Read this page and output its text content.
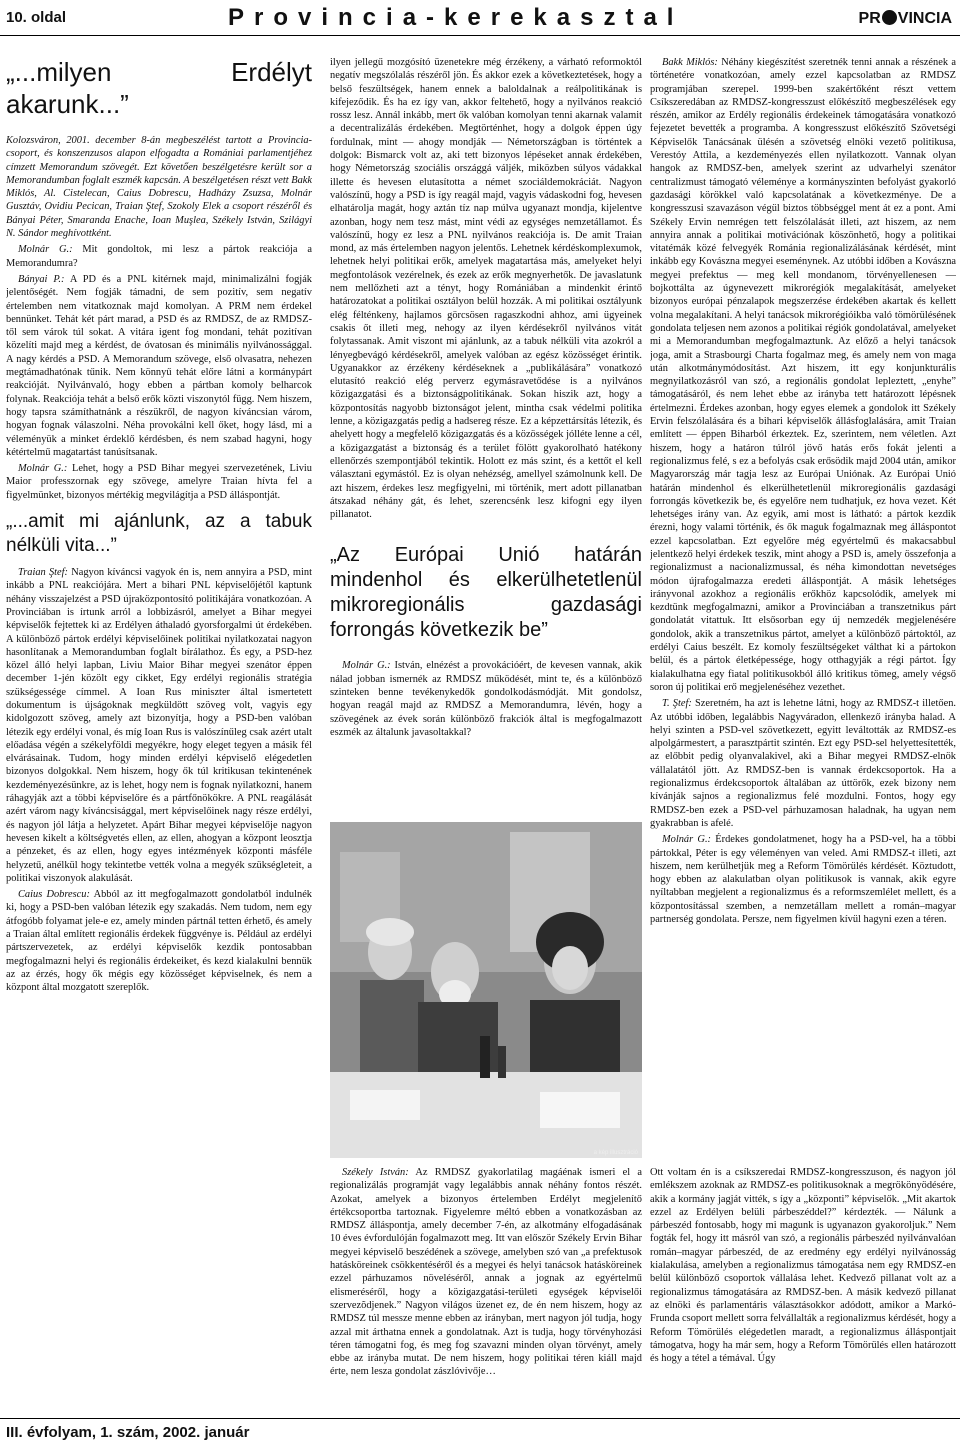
10. oldal	Provincia-kerekasztal	PR VINCIA
„...milyen Erdélyt akarunk...”

Kolozsváron, 2001. december 8-án megbeszélést tartott a Provincia-csoport, és konszenzusos alapon elfogadta a Romániai parlamentjéhez címzett Memorandum szövegét. Ezt követően beszélgetésre került sor a Memorandumban foglalt eszmék kapcsán. A beszélgetésen részt vett Bakk Miklós, Al. Cistelecan, Caius Dobrescu, Hadházy Zsuzsa, Molnár Gusztáv, Ovidiu Pecican, Traian Ştef, Szokoly Elek a csoport részéről és Bányai Péter, Smaranda Enache, Ioan Muşlea, Székely István, Szilágyi N. Sándor meghívottként.

Molnár G.: Mit gondoltok, mi lesz a pártok reakciója a Memorandumra?

Bányai P.: A PD és a PNL kitérnek majd, minimalizálni fogják jelentőségét. Nem fogják támadni, de sem pozitív, sem negatív értelemben nem vitatkoznak majd komolyan. A PRM nem érdekel bennünket. Tehát két párt marad, a PSD és az RMDSZ, de az RMDSZ-től sem várok túl sokat. A vitára igent fog mondani, tehát pozitívan közelíti majd meg a kérdést, de óvatosan és minimális nyilvánossággal. A nagy kérdés a PSD. A Memorandum szövege, első olvasatra, nehezen megtámadhatónak tűnik. Nem könnyű tehát előre látni a kormánypárt reakcióját. Nyilvánvaló, hogy ebben a pártban komoly belharcok folynak. Reakciója tehát a belső erők közti viszonytól függ. Nem hiszem, hogy tapsra számíthatnánk a részükről, de nagyon kíváncsian várom, hogyan fognak válaszolni. Néha provokálni kell őket, hogy lásd, mi a véleményük a minket érdeklő kérdésben, és nem szabad hagyni, hogy kétértelmű magatartást tanúsítsanak.

Molnár G.: Lehet, hogy a PSD Bihar megyei szervezetének, Liviu Maior professzornak egy szövege, amelyre Traian hívta fel a figyelmünket, bizonyos mértékig megvilágítja a PSD álláspontját.

„...amit mi ajánlunk, az a tabuk nélküli vita...”

Traian Ştef: Nagyon kíváncsi vagyok én is, nem annyira a PSD, mint inkább a PNL reakciójára. Mert a bihari PNL képviselőjétől kaptunk néhány visszajelzést a PSD újraközpontosító politikájára vonatkozóan. A Provinciában is írtunk arról a lobbizásról, amelyet a Bihar megyei képviselők fejtettek ki az Erdélyen áthaladó gyorsforgalmi út érdekében. A különböző pártok erdélyi képviselőinek politikai nyilatkozatai nagyon hasonlítanak a Memorandumban foglalt bírálathoz. És egy, a PSD-hez közel álló helyi lapban, Liviu Maior Bihar megyei szenátor éppen december 1-jén közölt egy cikket, Egy erdélyi regionális stratégia szükségessége címmel. A Ioan Rus miniszter által ismertetett dokumentum is újságoknak megküldött szöveg volt, vagyis egy kidolgozott szöveg, amely azt bizonyítja, hogy a PSD-ben valóban létezik egy erdélyi vonal, és míg Ioan Rus is valószínűleg csak azért utalt előadása végén a székelyföldi megyékre, hogy eleget tegyen a másik fél elvárásainak. Tudom, hogy minden erdélyi képviselő elégedetlen bizonyos dolgokkal. Nem hiszem, hogy ők túl kritikusan tekintenének kezdeményezésünkre, az is lehet, hogy nem is fognak nyilatkozni, hanem ráhagyják azt a többi képviselőre és a pártfőnökökre. A PNL reagálását azért várom nagy kíváncsisággal, mert képviselőinek nagy része erdélyi, és nagyon jól látja a helyzetet. Apárt Bihar megyei képviselője nagyon hevesen kikelt a költségvetés ellen, az ellen, ahogyan a központ leosztja a pénzeket, és az ellen, hogy egyes intézmények központi másféle helyzetű, anélkül hogy tekintetbe vették volna a megyék szükségleteit, a politikai viszonyok alakulását.

Caius Dobrescu: Abból az itt megfogalmazott gondolatból indulnék ki, hogy a PSD-ben valóban létezik egy szakadás. Nem tudom, nem egy átfogóbb folyamat jele-e ez, amely minden pártnál tetten érhető, és amely a Traian által említett regionális érdekek függvénye is. Például az erdélyi pártszervezetek, az erdélyi képviselők kezdik pontosabban megfogalmazni helyi és regionális érdekeiket, és kezd kialakulni bennük az az érzés, hogy ők mégis egy közösséget képviselnek, és nem a központ által mozgatott szereplők.

ilyen jellegű mozgósító üzenetekre még érzékeny, a várható reformoktól negatív megszólalás részéről jön. És akkor ezek a következtetések, hogy a belső feszültségek, hanem ennek a baloldalnak a reálpolitikának is kifejeződik. És ha ez így van, akkor feltehető, hogy a nyilvános reakció rossz lesz. Annál inkább, mert ők valóban komolyan tenni akarnak valamit a decentralizálás érdekében. Megtörténhet, hogy a dolgok éppen úgy fordulnak, mint — ahogy mondják — Németországban is történtek a dolgok: Bismarck volt az, aki tett bizonyos lépéseket annak érdekében, hogy Németország szociális országgá váljék, miközben súlyos vádakkal illette és hevesen elutasította a német szociáldemokráciát. Nagyon valószínű, hogy a PSD is így reagál majd, vagyis vádaskodni fog, hevesen elhatárolja magát, hogy aztán tíz nap múlva ugyanazt mondja, kijelentve azonban, hogy nem tesz mást, mint védi az egységes nemzetállamot. És valószínű, hogy ez lesz a PNL nyilvános reakciója is. De amit Traian mond, az más értelemben nagyon jelentős. Lehetnek kérdéskomplexumok, lehetnek helyi politikai erők, amelyek magatartása más, amelyeket helyi megfontolások vezérelnek, és ezek az erők megnyerhetők. De javaslatunk nem mellőzheti azt a tényt, hogy Romániában a mindenkit érintő határozatokat a politikai osztályon belül hozzák. A mi politikai osztályunk elég félténkeny, hajlamos görcsösen ragaszkodni ahhoz, ami ügyeinek csakis őt illeti meg, nehogy az ilyen kérdésekről nyilvános vitát folytassanak. Amit viszont mi ajánlunk, az a tabuk nélküli vita azokról a lényegbevágó kérdésekről, amelyek valóban az egész közösséget érintik. Ugyanakkor az érzékeny kérdéseknek a „publikálására” vonatkozó elutasító reakció elég perverz egymásravetődése is a nyilvános közigazgatási és a biztonságpolitikának. Sokan hiszik azt, hogy a központosítás nagyobb biztonságot jelent, mintha csak védelmi politika lenne, a közigazgatás pedig a hadsereg része. Ez a képzettársítás létezik, és ahelyett hogy a megfelelő közigazgatás és a közösségek jólléte lenne a cél, a közigazgatást a biztonság és a terület fölött gyakorolható hatékony ellenőrzés szempontjából tekintik. Holott ez más szint, és a kettőt el kell választani egymástól. Ez is olyan nehézség, amellyel számolnunk kell. De azt hiszem, érdekes lesz megfigyelni, mi történik, mert adott pillanatban átszakad néhány gát, és lehet, szerencsénk lesz kifogni egy ilyen pillanatot.

„Az Európai Unió határán mindenhol és elkerülhetetlenül mikroregionális gazdasági forrongás következik be”

Molnár G.: István, elnézést a provokációért, de kevesen vannak, akik nálad jobban ismernék az RMDSZ működését, mint te, és a különböző szinteken benne tevékenykedők gondolkodásmódját. Mit gondolsz, hogyan reagál majd az RMDSZ a Memorandumra, lévén, hogy a szövegének az évek során különböző frakciók által is megfogalmazott eszmék az általunk javasoltakkal?

a kép illusztráció

Székely István: Az RMDSZ gyakorlatilag magáénak ismeri el a regionalizálás programját vagy legalábbis annak néhány fontos részét. Azokat, amelyek a bizonyos értelemben Erdélyt megjelenítő értékcsoportba tartoznak. Figyelemre méltó ebben a vonatkozásban az RMDSZ álláspontja, amely december 7-én, az alkotmány elfogadásának 10 éves évfordulóján fogalmazott meg. Itt van először Székely Ervin Bihar megyei képviselő beszédének a szövege, amelyben szó van „a prefektusok hatásköreinek csökkentéséről és a megyei és helyi tanácsok hatásköreinek ezzel párhuzamos növeléséről, annak a jognak az egyértelmű elismeréséről, hogy a közigazgatási-területi egységek képviselői szervezõdjenek.” Nagyon világos üzenet ez, de én nem hiszem, hogy az RMDSZ túl messze menne ebben az irányban, mert nagyon jól tudja, hogy azzal mit árthatna ennek a gondolatnak. Azt is tudja, hogy törvényhozási téren támogatni fog, és meg fog szavazni minden olyan törvényt, amely ebbe az irányba mutat. De nem hiszem, hogy politikai téren kiáll majd érte, nem lesza gondolat zászlóvivője…

Bakk Miklós: Néhány kiegészítést szeretnék tenni annak a részének a történetére vonatkozóan, amely ezzel kapcsolatban az RMDSZ programjában szerepel. 1999-ben szakértőként részt vettem Csíkszeredában az RMDSZ-kongresszust előkészítő megbeszélések egy részén, amikor az Erdély regionális érdekeinek támogatására vonatkozó fejezetet bevették a programba. A kongresszust előkészítő Szövetségi Képviselők Tanácsának ülésén a szövetség elnöki vezető politikusa, Verestóy Attila, a kezdeményezés ellen nyilatkozott. Vannak olyan hangok az RMDSZ-ben, amelyek szerint az udvarhelyi szenátor centralizmust támogató véleménye a kormányszinten befolyást gyakorló gazdasági körökkel való kapcsolatának a következménye. De a kongresszusi szavazáson végül biztos többséggel ment át ez a pont. Ami Székely Ervin nemrégen tett felszólalását illeti, azt hiszem, az nem annyira annak a politikai motivációnak köszönhető, hogy a politikai vitatémák közé felvegyék Románia regionalizálásának kérdését, mint inkább egy Kovászna megyei eseménynek. Az utóbbi időben a Kovászna megyei prefektus — meg kell mondanom, törvényellenesen — bojkottálta az úgynevezett mikrorégiók megalakítását, amelyeket bizonyos európai pénzalapok megszerzése érdekében akartak és kellett volna megalakítani. A helyi tanácsok mikrorégióikba való tömörülésének gondolata teljesen nem azonos a politikai régiók gondolatával, amelyeket mi a Memorandumban megfogalmaztunk. Az előző a helyi tanácsok joga, amit a Strasbourgi Charta fogalmaz meg, és amely nem von maga után alkotmánymódosítást. Azt hiszem, itt egy konjunkturális megnyilatkozásról van szó, a regionális gondolat lepleztett, „enyhe” támogatásáról, és nem lehet ebbe az irányba tett határozott lépésnek értelmezni. Érdekes azonban, hogy egyes elemek a gondolok itt Székely Ervin felszólalására és a bihari képviselők állásfoglalására, amit Traian említett — éppen Biharból érkeztek. Ez, szerintem, nem véletlen. Azt hiszem, hogy a határon túlról jövő hatás erős fokát jelenti a regionalizmus felé, s ez a befolyás csak erősödik majd 2004 után, amikor Magyarország már tagja lesz az Európai Uniónak. Az Európai Unió határán mindenhol és elkerülhetetlenül mikroregionális gazdasági forrongás következik be, és egyelőre nem tudhatjuk, ez hova vezet. Két lehetséges irány van. Az egyik, ami most is látható: a pártok kezdik érezni, hogy valami történik, és ők maguk fogalmaznak meg álláspontot ezzel kapcsolatban. Ezt egyelőre még egyértelmű és makacsabbul jelentkező helyi érdekek teszik, mint ahogy a PSD is, amely összefonja a regionalizmust a nacionalizmussal, és néha kimondottan nevetséges módon újrafogalmazza eredeti álláspontját. A másik lehetséges irányvonal azokhoz a regionális erőkhöz kapcsolódik, amelyek mi kezdtünk megfogalmazni, amikor a Provinciában a transzetnikus párt gondolatát vitattuk. Itt elsősorban egy új nemzedék megjelenésére gondolok, akik a transzetnikus pártot, amelyet a különböző pártoktól, az erdélyi Caius beszélt. Ez komoly feszültségeket válthat ki a pártokon belül, és a pártok életképessége, hogy otthagyják a régi pártot. Így kialakulhatna egy fiatal politikusokból álló kritikus tömeg, amely végső soron új politikai erő megjelenéséhez vezethet.

T. Ştef: Szeretném, ha azt is lehetne látni, hogy az RMDSZ-t illetően. Az utóbbi időben, legalábbis Nagyváradon, ellenkező irányba halad. A helyi szinten a PSD-vel szövetkezett, egyitt leváltották az RMDSZ-es alpolgármestert, a parasztpártit szintén. Ezt egy PSD-sel helyettesítették, az előbbit pedig olyanvalakivel, aki a Bihar megyei RMDSZ-elnök vállalatától jött. Az RMDSZ-ben is vannak érdekcsoportok. Ha a regionalizmus érdekcsoportok általában az úttörők, ezek bizony nem kívánják sajnos a regionalizmus felé mozdulni. Fontos, hogy egy RMDSZ-ben ezek a PSD-vel párhuzamosan haladnak, ha ugyan nem gyakrabban is afelé.

Molnár G.: Érdekes gondolatmenet, hogy ha a PSD-vel, ha a többi pártokkal, Péter is egy véleményen van veled. Ami RMDSZ-t illeti, azt hiszem, nem kerülhetjük meg a Reform Tömörülés kérdését. Köztudott, hogy ebben az alakulatban olyan politikusok is vannak, akik egyre nyíltabban megjelent a regionalizmus és a reformszemlélet mellett, és a központosítással szemben, a nemzetállam mellett a román–magyar partnerség gondolata. Persze, nem figyelmen kívül hagyni ezen a téren.

Ott voltam én is a csíkszeredai RMDSZ-kongresszuson, és nagyon jól emlékszem azoknak az RMDSZ-es politikusoknak a megrökönyödésére, akik a kormány jagját vitték, s így a „központi” képviselők. „Mit akartok ezzel az Erdélyen belüli párbeszéddel?” kérdezték. — Nálunk a párbeszéd fontosabb, hogy mi magunk is ugyanazon gyakoroljuk.” Nem fogták fel, hogy itt másról van szó, a regionális párbeszéd nyilvánvalóan román–magyar párbeszéd, de az eredmény egy erdélyi nyilvánosság kialakulása, amelyben a regionalizmus támogatása nem egy RMDSZ-en belül különböző csoportok vállalása lehet. Kedvező pillanat volt az a regionalizmus támogatására az RMDSZ-ben. A másik kedvező pillanat az elnöki és parlamentáris választásokkor adódott, amikor a Markó-Frunda csoport mellett sorra felvállalták a regionalizmus kérdését, hogy a Reform Tömörülés elégedetlen maradt, a regionalizmus álláspontjait támogatva, hogy ha már sem, hogy a Reform Tömörülés ellen határozott és hogy a tétel a témával. Úgy

III. évfolyam, 1. szám, 2002. január
